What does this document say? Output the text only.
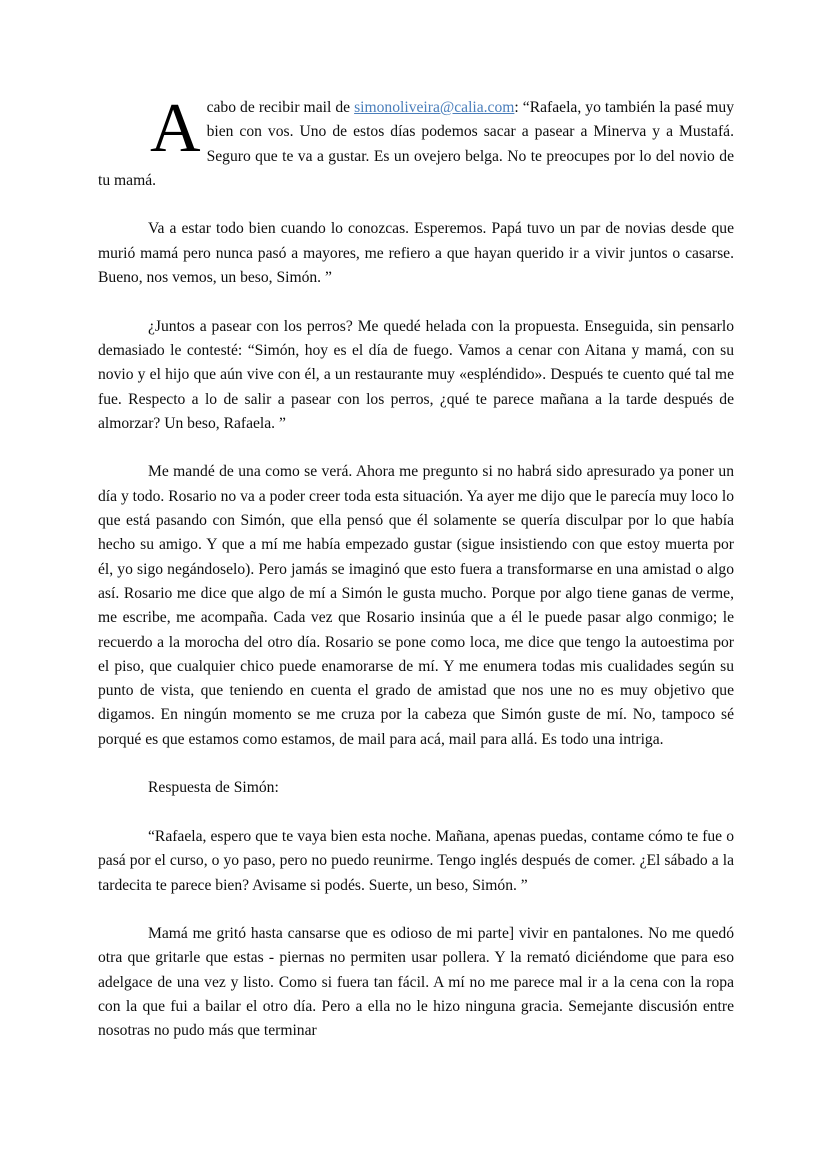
Acabo de recibir mail de simonoliveira@calia.com: “Rafaela, yo también la pasé muy bien con vos. Uno de estos días podemos sacar a pasear a Minerva y a Mustafá. Seguro que te va a gustar. Es un ovejero belga. No te preocupes por lo del novio de tu mamá.

Va a estar todo bien cuando lo conozcas. Esperemos. Papá tuvo un par de novias desde que murió mamá pero nunca pasó a mayores, me refiero a que hayan querido ir a vivir juntos o casarse. Bueno, nos vemos, un beso, Simón. ”

¿Juntos a pasear con los perros? Me quedé helada con la propuesta. Enseguida, sin pensarlo demasiado le contesté: “Simón, hoy es el día de fuego. Vamos a cenar con Aitana y mamá, con su novio y el hijo que aún vive con él, a un restaurante muy «espléndido». Después te cuento qué tal me fue. Respecto a lo de salir a pasear con los perros, ¿qué te parece mañana a la tarde después de almorzar? Un beso, Rafaela. ”

Me mandé de una como se verá. Ahora me pregunto si no habrá sido apresurado ya poner un día y todo. Rosario no va a poder creer toda esta situación. Ya ayer me dijo que le parecía muy loco lo que está pasando con Simón, que ella pensó que él solamente se quería disculpar por lo que había hecho su amigo. Y que a mí me había empezado gustar (sigue insistiendo con que estoy muerta por él, yo sigo negándoselo). Pero jamás se imaginó que esto fuera a transformarse en una amistad o algo así. Rosario me dice que algo de mí a Simón le gusta mucho. Porque por algo tiene ganas de verme, me escribe, me acompaña. Cada vez que Rosario insinúa que a él le puede pasar algo conmigo; le recuerdo a la morocha del otro día. Rosario se pone como loca, me dice que tengo la autoestima por el piso, que cualquier chico puede enamorarse de mí. Y me enumera todas mis cualidades según su punto de vista, que teniendo en cuenta el grado de amistad que nos une no es muy objetivo que digamos. En ningún momento se me cruza por la cabeza que Simón guste de mí. No, tampoco sé porqué es que estamos como estamos, de mail para acá, mail para allá. Es todo una intriga.

Respuesta de Simón:

“Rafaela, espero que te vaya bien esta noche. Mañana, apenas puedas, contame cómo te fue o pasá por el curso, o yo paso, pero no puedo reunirme. Tengo inglés después de comer. ¿El sábado a la tardecita te parece bien? Avisame si podés. Suerte, un beso, Simón. ”

Mamá me gritó hasta cansarse que es odioso de mi parte] vivir en pantalones. No me quedó otra que gritarle que estas - piernas no permiten usar pollera. Y la remató diciéndome que para eso adelgace de una vez y listo. Como si fuera tan fácil. A mí no me parece mal ir a la cena con la ropa con la que fui a bailar el otro día. Pero a ella no le hizo ninguna gracia. Semejante discusión entre nosotras no pudo más que terminar
